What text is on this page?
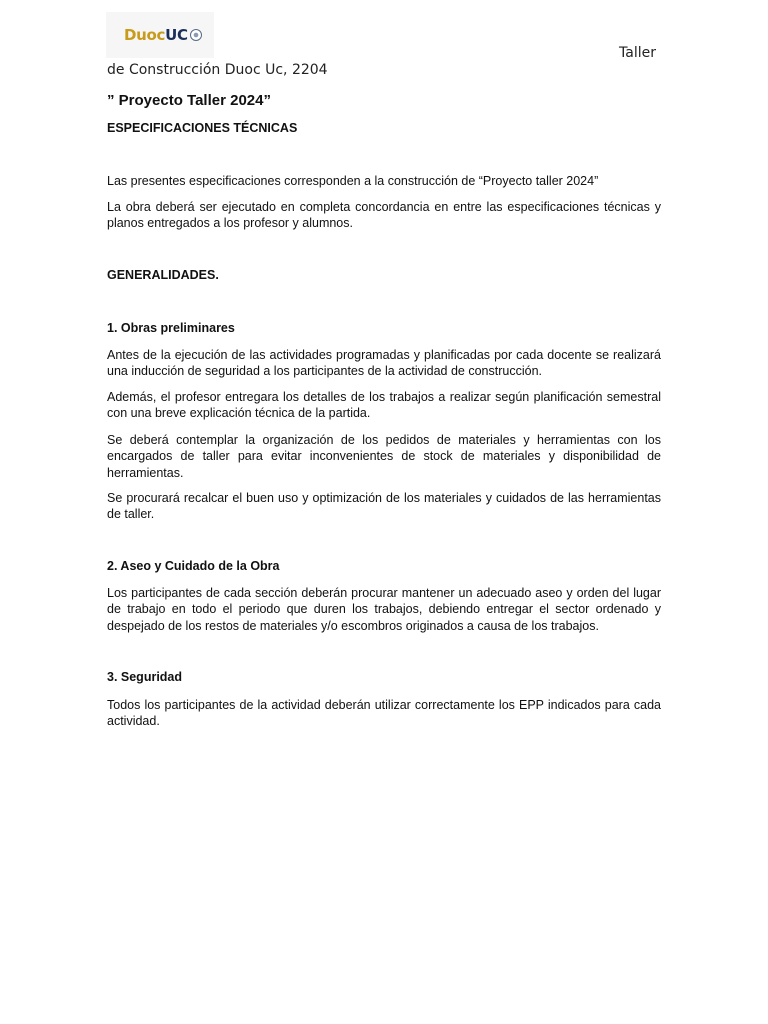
DuocUC
Taller
de Construcción Duoc Uc, 2204
” Proyecto Taller 2024”
ESPECIFICACIONES TÉCNICAS
Las presentes especificaciones corresponden a la construcción de “Proyecto taller 2024”
La obra deberá ser ejecutado en completa concordancia en entre las especificaciones técnicas y planos entregados a los profesor y alumnos.
GENERALIDADES.
1. Obras preliminares
Antes de la ejecución de las actividades programadas y planificadas por cada docente se realizará una inducción de seguridad a los participantes de la actividad de construcción.
Además, el profesor entregara los detalles de los trabajos a realizar según planificación semestral con una breve explicación técnica de la partida.
Se deberá contemplar la organización de los pedidos de materiales y herramientas con los encargados de taller para evitar inconvenientes de stock de materiales y disponibilidad de herramientas.
Se procurará recalcar el buen uso y optimización de los materiales y cuidados de las herramientas de taller.
2. Aseo y Cuidado de la Obra
Los participantes de cada sección deberán procurar mantener un adecuado aseo y orden del lugar de trabajo en todo el periodo que duren los trabajos, debiendo entregar el sector ordenado y despejado de los restos de materiales y/o escombros originados a causa de los trabajos.
3. Seguridad
Todos los participantes de la actividad deberán utilizar correctamente los EPP indicados para cada actividad.
